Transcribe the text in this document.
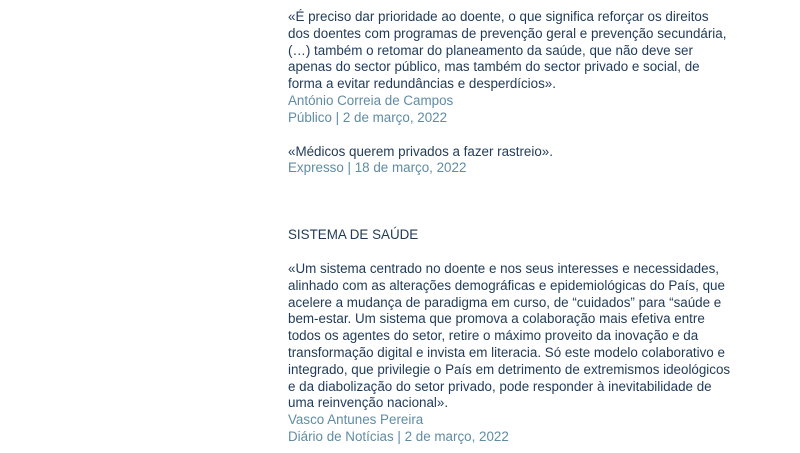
«É preciso dar prioridade ao doente, o que significa reforçar os direitos dos doentes com programas de prevenção geral e prevenção secundária, (…) também o retomar do planeamento da saúde, que não deve ser apenas do sector público, mas também do sector privado e social, de forma a evitar redundâncias e desperdícios».

António Correia de Campos

Público | 2 de março, 2022

«Médicos querem privados a fazer rastreio».

Expresso | 18 de março, 2022

SISTEMA DE SAÚDE

«Um sistema centrado no doente e nos seus interesses e necessidades, alinhado com as alterações demográficas e epidemiológicas do País, que acelere a mudança de paradigma em curso, de “cuidados” para “saúde e bem-estar. Um sistema que promova a colaboração mais efetiva entre todos os agentes do setor, retire o máximo proveito da inovação e da transformação digital e invista em literacia. Só este modelo colaborativo e integrado, que privilegie o País em detrimento de extremismos ideológicos e da diabolização do setor privado, pode responder à inevitabilidade de uma reinvenção nacional».

Vasco Antunes Pereira

Diário de Notícias | 2 de março, 2022
